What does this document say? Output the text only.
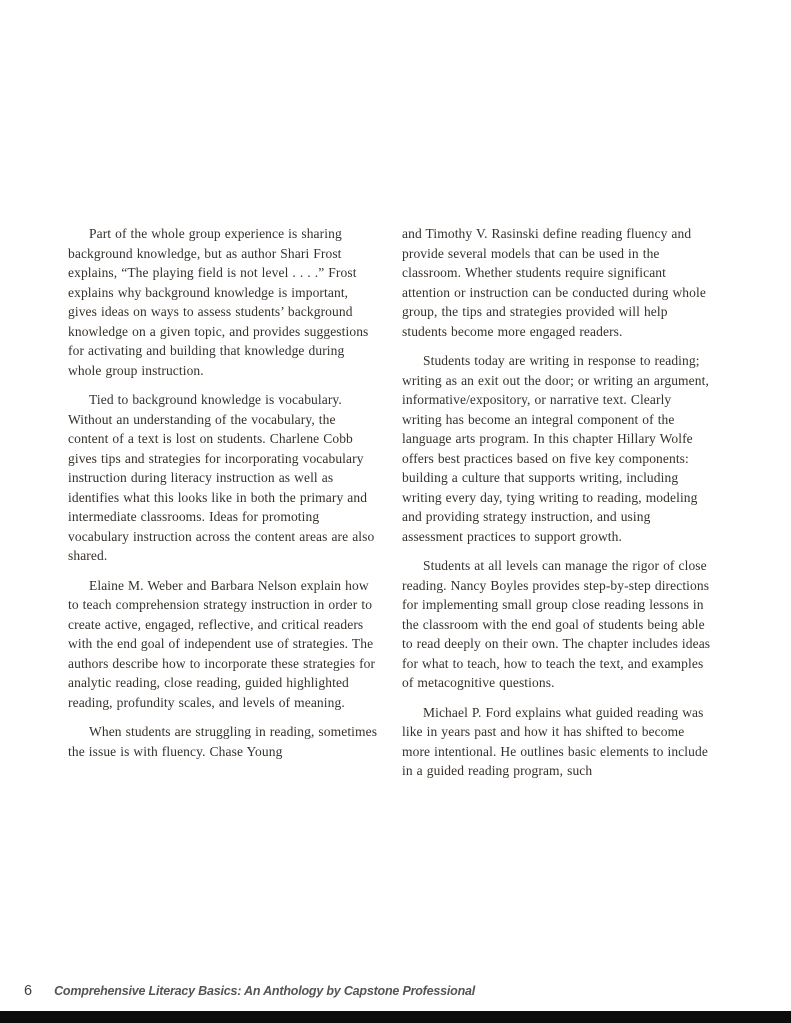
Part of the whole group experience is sharing background knowledge, but as author Shari Frost explains, “The playing field is not level . . . .” Frost explains why background knowledge is important, gives ideas on ways to assess students’ background knowledge on a given topic, and provides suggestions for activating and building that knowledge during whole group instruction.

Tied to background knowledge is vocabulary. Without an understanding of the vocabulary, the content of a text is lost on students. Charlene Cobb gives tips and strategies for incorporating vocabulary instruction during literacy instruction as well as identifies what this looks like in both the primary and intermediate classrooms. Ideas for promoting vocabulary instruction across the content areas are also shared.

Elaine M. Weber and Barbara Nelson explain how to teach comprehension strategy instruction in order to create active, engaged, reflective, and critical readers with the end goal of independent use of strategies. The authors describe how to incorporate these strategies for analytic reading, close reading, guided highlighted reading, profundity scales, and levels of meaning.

When students are struggling in reading, sometimes the issue is with fluency. Chase Young

and Timothy V. Rasinski define reading fluency and provide several models that can be used in the classroom. Whether students require significant attention or instruction can be conducted during whole group, the tips and strategies provided will help students become more engaged readers.

Students today are writing in response to reading; writing as an exit out the door; or writing an argument, informative/expository, or narrative text. Clearly writing has become an integral component of the language arts program. In this chapter Hillary Wolfe offers best practices based on five key components: building a culture that supports writing, including writing every day, tying writing to reading, modeling and providing strategy instruction, and using assessment practices to support growth.

Students at all levels can manage the rigor of close reading. Nancy Boyles provides step-by-step directions for implementing small group close reading lessons in the classroom with the end goal of students being able to read deeply on their own. The chapter includes ideas for what to teach, how to teach the text, and examples of metacognitive questions.

Michael P. Ford explains what guided reading was like in years past and how it has shifted to become more intentional. He outlines basic elements to include in a guided reading program, such

6 Comprehensive Literacy Basics: An Anthology by Capstone Professional
